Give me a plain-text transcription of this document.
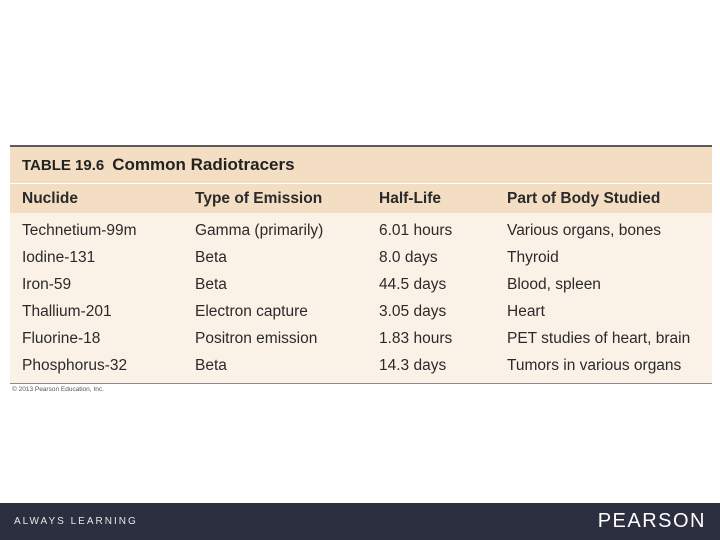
TABLE 19.6 Common Radiotracers
Nuclide	Type of Emission	Half-Life	Part of Body Studied
Technetium-99m	Gamma (primarily)	6.01 hours	Various organs, bones
Iodine-131	Beta	8.0 days	Thyroid
Iron-59	Beta	44.5 days	Blood, spleen
Thallium-201	Electron capture	3.05 days	Heart
Fluorine-18	Positron emission	1.83 hours	PET studies of heart, brain
Phosphorus-32	Beta	14.3 days	Tumors in various organs
© 2013 Pearson Education, Inc.
ALWAYS LEARNING	PEARSON
